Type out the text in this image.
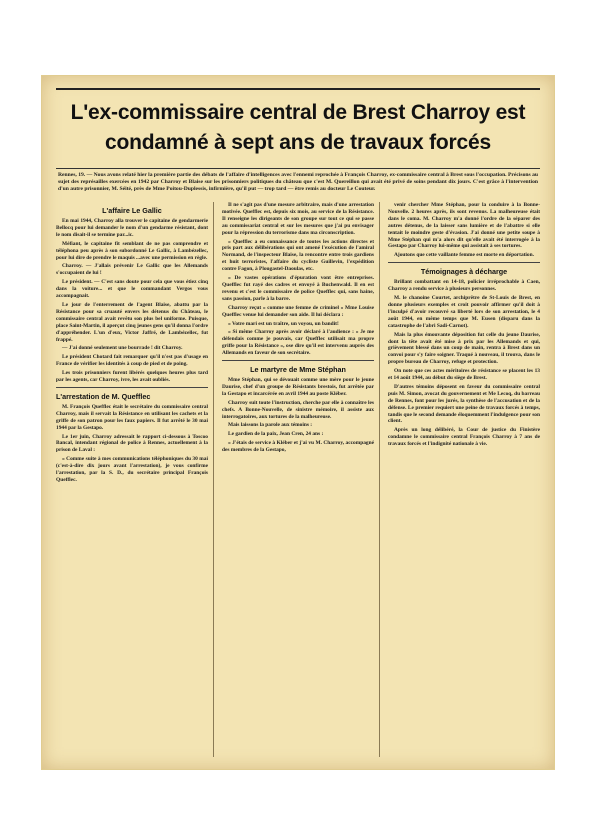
L'ex-commissaire central de Brest Charroy est condamné à sept ans de travaux forcés
Rennes, 19. — Nous avons relaté hier la première partie des débats de l'affaire d'intelligences avec l'ennemi reprochée à François Charroy, ex-commissaire central à Brest sous l'occupation. Précisons au sujet des représailles exercées en 1942 par Charroy et Blaise sur les prisonniers politiques du château que c'est M. Quereillon qui avait été privé de soins pendant dix jours. C'est grâce à l'intervention d'un autre prisonnier, M. Séité, près de Mme Poitou-Duplessis, infirmière, qu'il put — trop tard — être remis au docteur Le Couteur.
L'affaire Le Gallic

En mai 1944, Charroy alla trouver le capitaine de gendarmerie Bellocq pour lui demander le nom d'un gendarme résistant, dont le nom disait-il se termine par...ic.

Méfiant, le capitaine fit semblant de ne pas comprendre et téléphona peu après à son subordonné Le Gallic, à Lambézellec, pour lui dire de prendre le maquis ...avec une permission en règle.

Charroy. — J'allais prévenir Le Gallic que les Allemands s'occupaient de lui !

Le président. — C'est sans doute pour cela que vous étiez cinq dans la voiture... et que le commandant Vergos vous accompagnait.

Le jour de l'enterrement de l'agent Blaise, abattu par la Résistance pour sa cruauté envers les détenus du Château, le commissaire central avait revêtu son plus bel uniforme. Puisque, place Saint-Martin, il aperçut cinq jeunes gens qu'il donna l'ordre d'appréhender. L'un d'eux, Victor Jaffré, de Lambézellec, fut frappé.

— J'ai donné seulement une bourrade ! dit Charroy.

Le président Chotard fait remarquer qu'il n'est pas d'usage en France de vérifier les identités à coup de pied et de poing.

Les trois prisonniers furent libérés quelques heures plus tard par les agents, car Charroy, ivre, les avait oubliés.

L'arrestation de M. Quefflec

M. François Quefflec était le secrétaire du commissaire central Charroy, mais il servait la Résistance en utilisant les cachets et la griffe de son patron pour les faux papiers. Il fut arrêté le 30 mai 1944 par la Gestapo.

Le 1er juin, Charroy adressait le rapport ci-dessous à Toscoo Bancal, intendant régional de police à Rennes, actuellement à la prison de Laval :

« Comme suite à mes communications téléphoniques du 30 mai (c'est-à-dire dix jours avant l'arrestation), je vous confirme l'arrestation, par la S. D., du secrétaire principal François Quefflec.

Il ne s'agit pas d'une mesure arbitraire, mais d'une arrestation motivée. Quefflec est, depuis six mois, au service de la Résistance. Il renseigne les dirigeants de son groupe sur tout ce qui se passe au commissariat central et sur les mesures que j'ai pu envisager pour la répression du terrorisme dans ma circonscription.

« Quefflec a eu connaissance de toutes les actions directes et pris part aux délibérations qui ont amené l'exécution de l'amiral Normand, de l'inspecteur Blaise, la rencontre entre trois gardiens et huit terroristes, l'affaire du cycliste Guillevin, l'expédition contre Fagon, à Plougastel-Daoulas, etc.

« De vastes opérations d'épuration vont être entreprises. Quefflec fut rayé des cadres et envoyé à Buchenwald. Il en est revenu et c'est le commissaire de police Quefflec qui, sans haine, sans passion, parle à la barre.

Charroy reçut « comme une femme de criminel » Mme Louise Quefflec venue lui demander son aide. Il lui déclara :

« Votre mari est un traître, un voyou, un bandit!

« Si même Charroy après avoir déclaré à l'audience : « Je me défendais comme je pouvais, car Quefflec utilisait ma propre griffe pour la Résistance », ose dire qu'il est intervenu auprès des Allemands en faveur de son secrétaire.

Le martyre de Mme Stéphan

Mme Stéphan, qui se dévouait comme une mère pour le jeune Daurise, chef d'un groupe de Résistants brestois, fut arrêtée par la Gestapo et incarcérée en avril 1944 au poste Kléber.

Charroy suit toute l'instruction, cherche par elle à connaître les chefs. A Bonne-Nouvelle, de sinistre mémoire, il assiste aux interrogatoires, aux tortures de la malheureuse.

Mais laissons la parole aux témoins :

Le gardien de la paix, Jean Cren, 24 ans :

« J'étais de service à Kléber et j'ai vu M. Charroy, accompagné des membres de la Gestapo,

venir chercher Mme Stéphan, pour la conduire à la Bonne-Nouvelle. 2 heures après, ils sont revenus. La malheureuse était dans le coma. M. Charroy m'a donné l'ordre de la séparer des autres détenus, de la laisser sans lumière et de l'abattre si elle tentait le moindre geste d'évasion. J'ai donné une petite soupe à Mme Stéphan qui m'a alors dit qu'elle avait été interrogée à la Gestapo par Charroy lui-même qui assistait à ses tortures.

Ajoutons que cette vaillante femme est morte en déportation.

Témoignages à décharge

Brillant combattant en 14-18, policier irréprochable à Caen, Charroy a rendu service à plusieurs personnes.

M. le chanoine Courtet, archiprêtre de St-Louis de Brest, en donne plusieurs exemples et croit pouvoir affirmer qu'il doit à l'inculpé d'avoir recouvré sa liberté lors de son arrestation, le 4 août 1944, en même temps que M. Eusen (disparu dans la catastrophe de l'abri Sadi-Carnot).

Mais la plus émouvante déposition fut celle du jeune Daurise, dont la tête avait été mise à prix par les Allemands et qui, grièvement blessé dans un coup de main, rentra à Brest dans un convoi pour s'y faire soigner. Traqué à nouveau, il trouva, dans le propre bureau de Charroy, refuge et protection.

On note que ces actes méritoires de résistance se placent les 13 et 14 août 1944, au début du siège de Brest.

D'autres témoins déposent en faveur du commissaire central puis M. Simon, avocat du gouvernement et Me Lecoq, du barreau de Rennes, font pour les jurés, la synthèse de l'accusation et de la défense. Le premier requiert une peine de travaux forcés à temps, tandis que le second demande éloquemment l'indulgence pour son client.

Après un long délibéré, la Cour de justice du Finistère condamne le commissaire central François Charroy à 7 ans de travaux forcés et l'indignité nationale à vie.
